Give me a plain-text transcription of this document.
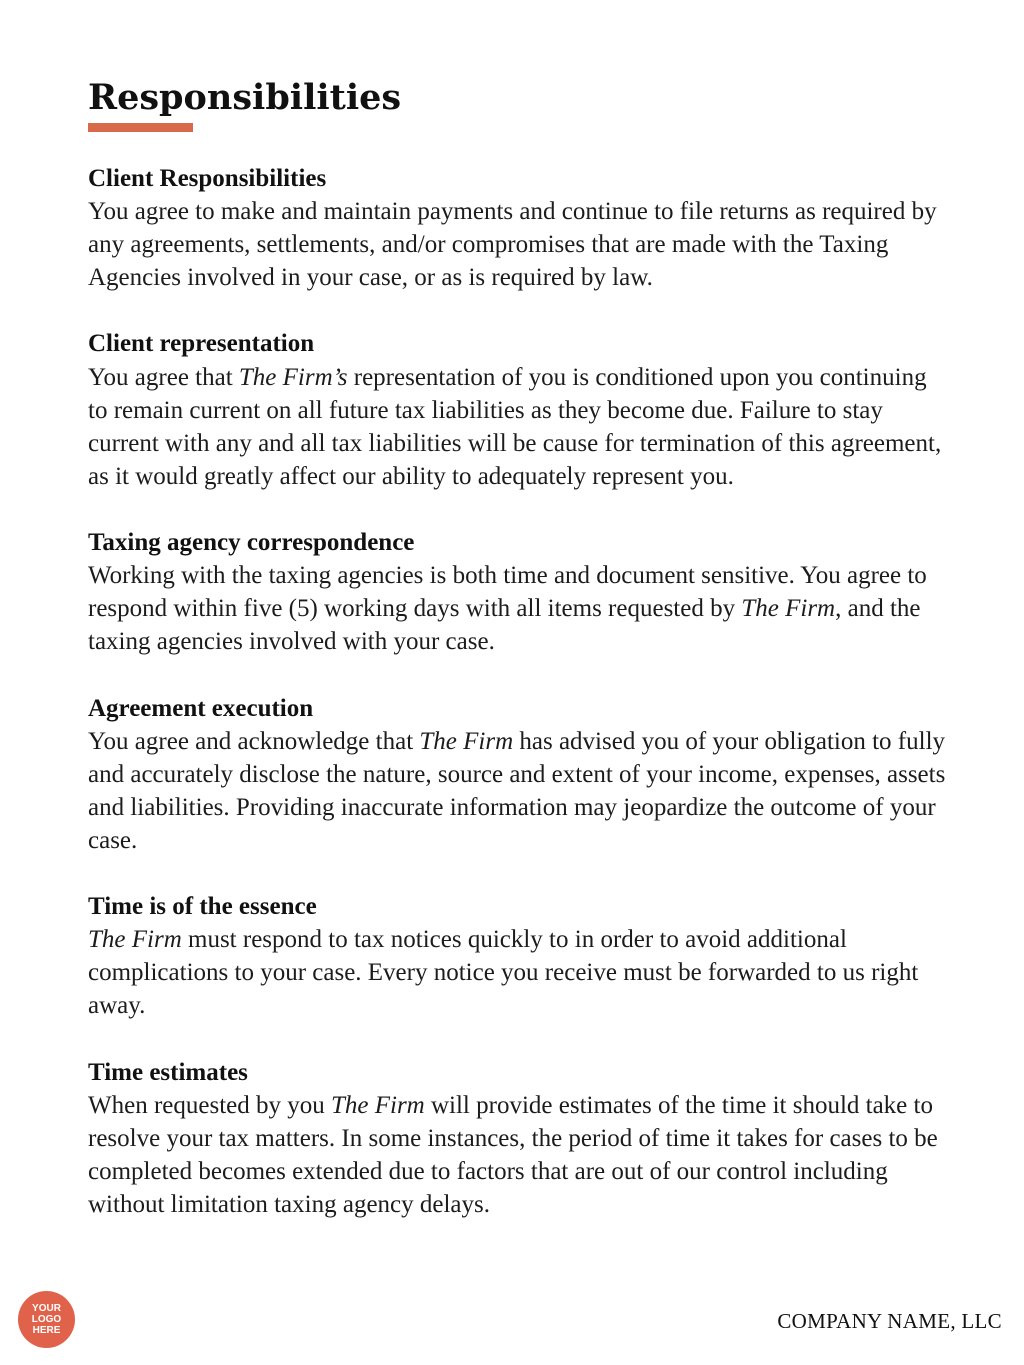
Responsibilities
Client Responsibilities

You agree to make and maintain payments and continue to file returns as required by any agreements, settlements, and/or compromises that are made with the Taxing Agencies involved in your case, or as is required by law.

Client representation

You agree that The Firm’s representation of you is conditioned upon you continuing to remain current on all future tax liabilities as they become due. Failure to stay current with any and all tax liabilities will be cause for termination of this agreement, as it would greatly affect our ability to adequately represent you.

Taxing agency correspondence

Working with the taxing agencies is both time and document sensitive. You agree to respond within five (5) working days with all items requested by The Firm, and the taxing agencies involved with your case.

Agreement execution

You agree and acknowledge that The Firm has advised you of your obligation to fully and accurately disclose the nature, source and extent of your income, expenses, assets and liabilities. Providing inaccurate information may jeopardize the outcome of your case.

Time is of the essence

The Firm must respond to tax notices quickly to in order to avoid additional complications to your case. Every notice you receive must be forwarded to us right away.

Time estimates

When requested by you The Firm will provide estimates of the time it should take to resolve your tax matters. In some instances, the period of time it takes for cases to be completed becomes extended due to factors that are out of our control including without limitation taxing agency delays.

YOUR
LOGO
HERE	COMPANY NAME, LLC
